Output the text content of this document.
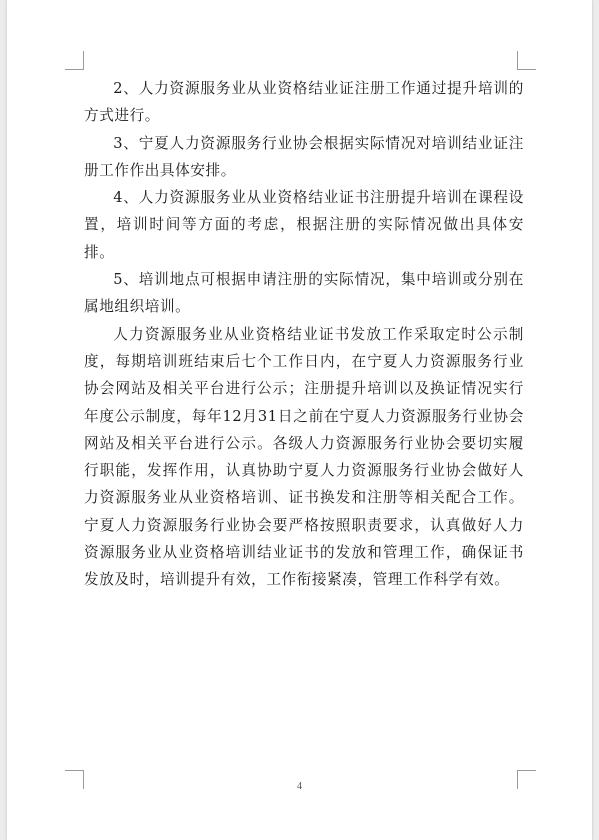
2、人力资源服务业从业资格结业证注册工作通过提升培训的方式进行。

3、宁夏人力资源服务行业协会根据实际情况对培训结业证注册工作作出具体安排。

4、人力资源服务业从业资格结业证书注册提升培训在课程设置，培训时间等方面的考虑，根据注册的实际情况做出具体安排。

5、培训地点可根据申请注册的实际情况，集中培训或分别在属地组织培训。

人力资源服务业从业资格结业证书发放工作采取定时公示制度，每期培训班结束后七个工作日内，在宁夏人力资源服务行业协会网站及相关平台进行公示；注册提升培训以及换证情况实行年度公示制度，每年12月31日之前在宁夏人力资源服务行业协会网站及相关平台进行公示。各级人力资源服务行业协会要切实履行职能，发挥作用，认真协助宁夏人力资源服务行业协会做好人力资源服务业从业资格培训、证书换发和注册等相关配合工作。宁夏人力资源服务行业协会要严格按照职责要求，认真做好人力资源服务业从业资格培训结业证书的发放和管理工作，确保证书发放及时，培训提升有效，工作衔接紧凑，管理工作科学有效。

4
